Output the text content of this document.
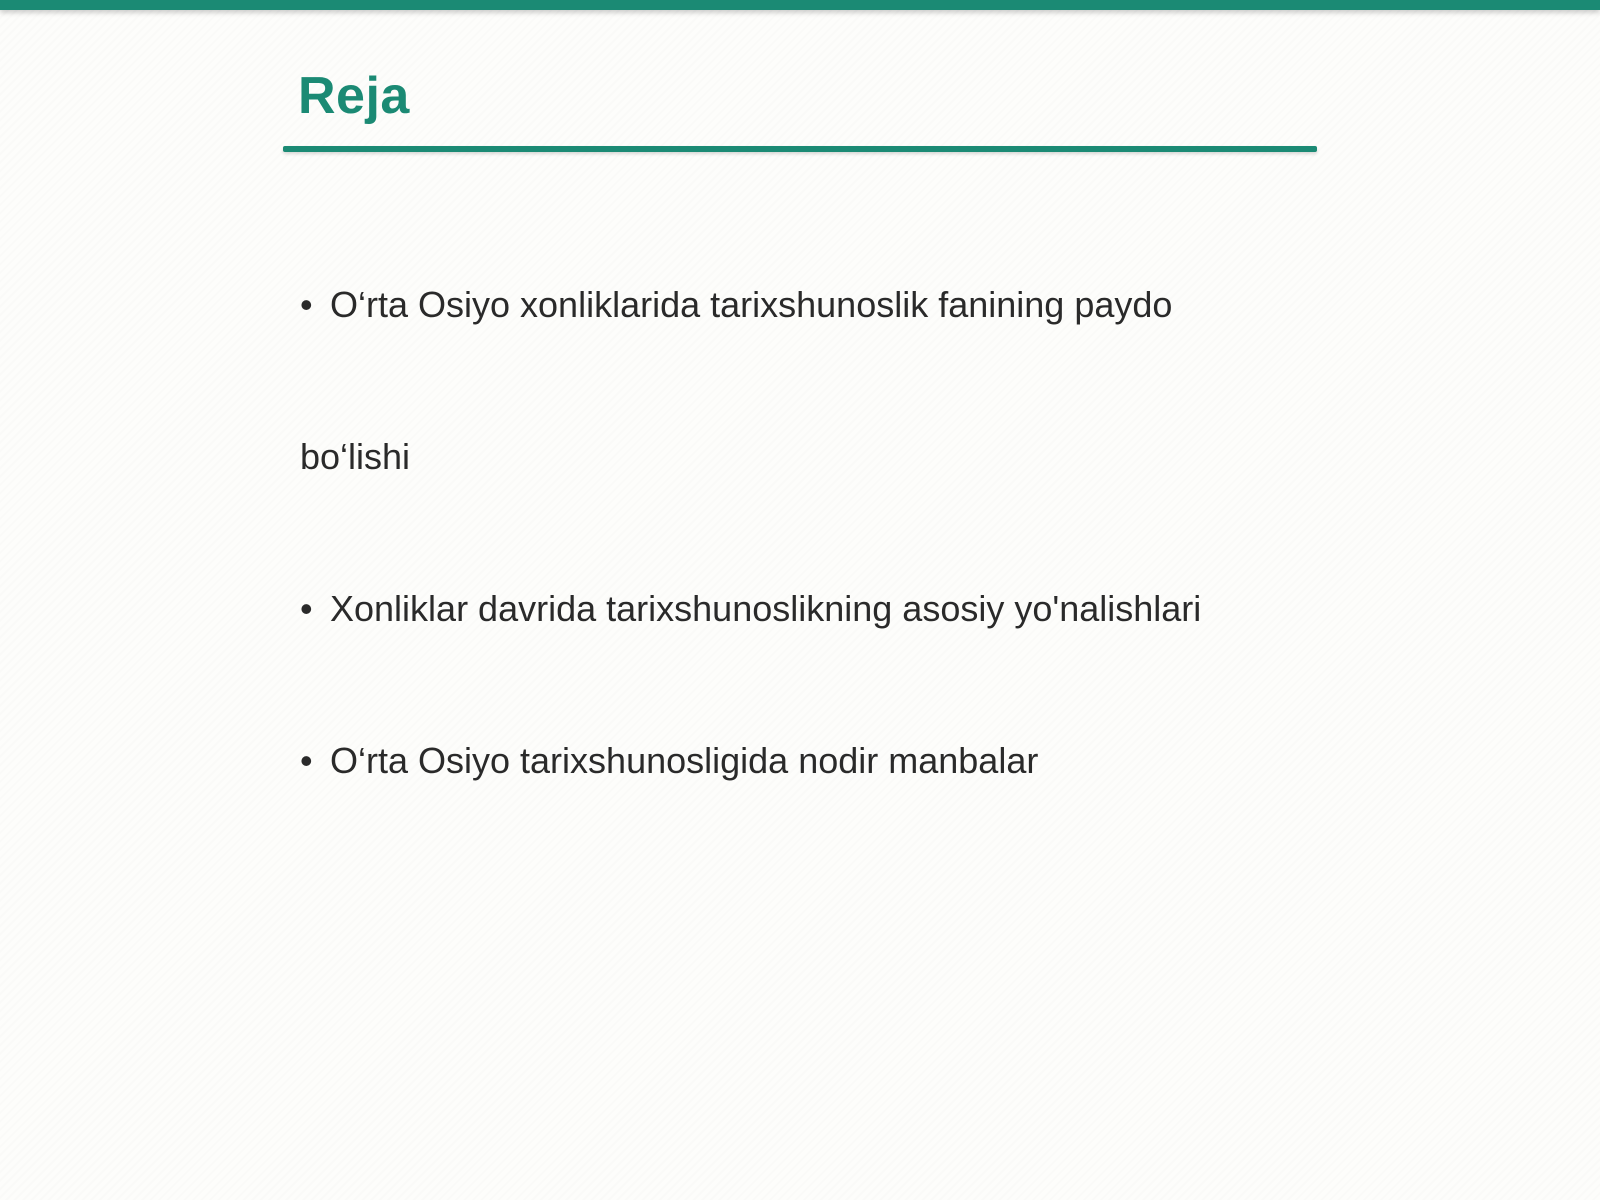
Reja

• O‘rta Osiyo xonliklarida tarixshunoslik fanining paydo

bo‘lishi

• Xonliklar davrida tarixshunoslikning asosiy yo'nalishlari

• O‘rta Osiyo tarixshunosligida nodir manbalar
